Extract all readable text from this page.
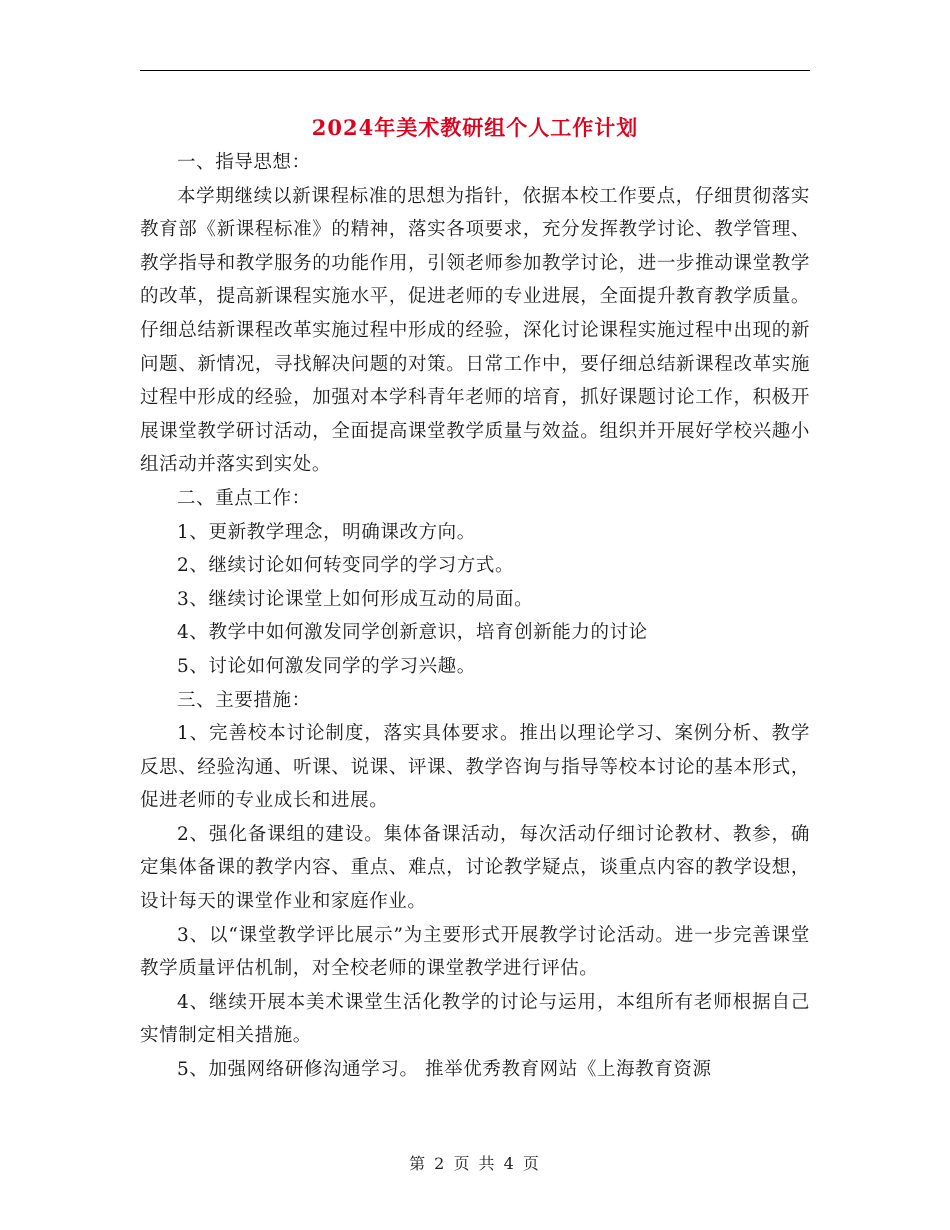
2024年美术教研组个人工作计划

一、指导思想：

本学期继续以新课程标准的思想为指针，依据本校工作要点，仔细贯彻落实教育部《新课程标准》的精神，落实各项要求，充分发挥教学讨论、教学管理、教学指导和教学服务的功能作用，引领老师参加教学讨论，进一步推动课堂教学的改革，提高新课程实施水平，促进老师的专业进展，全面提升教育教学质量。仔细总结新课程改革实施过程中形成的经验，深化讨论课程实施过程中出现的新问题、新情况，寻找解决问题的对策。日常工作中，要仔细总结新课程改革实施过程中形成的经验，加强对本学科青年老师的培育，抓好课题讨论工作，积极开展课堂教学研讨活动，全面提高课堂教学质量与效益。组织并开展好学校兴趣小组活动并落实到实处。

二、重点工作：

1、更新教学理念，明确课改方向。

2、继续讨论如何转变同学的学习方式。

3、继续讨论课堂上如何形成互动的局面。

4、教学中如何激发同学创新意识，培育创新能力的讨论

5、讨论如何激发同学的学习兴趣。

三、主要措施：

1、完善校本讨论制度，落实具体要求。推出以理论学习、案例分析、教学反思、经验沟通、听课、说课、评课、教学咨询与指导等校本讨论的基本形式，促进老师的专业成长和进展。

2、强化备课组的建设。集体备课活动，每次活动仔细讨论教材、教参，确定集体备课的教学内容、重点、难点，讨论教学疑点，谈重点内容的教学设想，设计每天的课堂作业和家庭作业。

3、以“课堂教学评比展示”为主要形式开展教学讨论活动。进一步完善课堂教学质量评估机制，对全校老师的课堂教学进行评估。

4、继续开展本美术课堂生活化教学的讨论与运用，本组所有老师根据自己实情制定相关措施。

5、加强网络研修沟通学习。 推举优秀教育网站《上海教育资源

第 2 页 共 4 页
